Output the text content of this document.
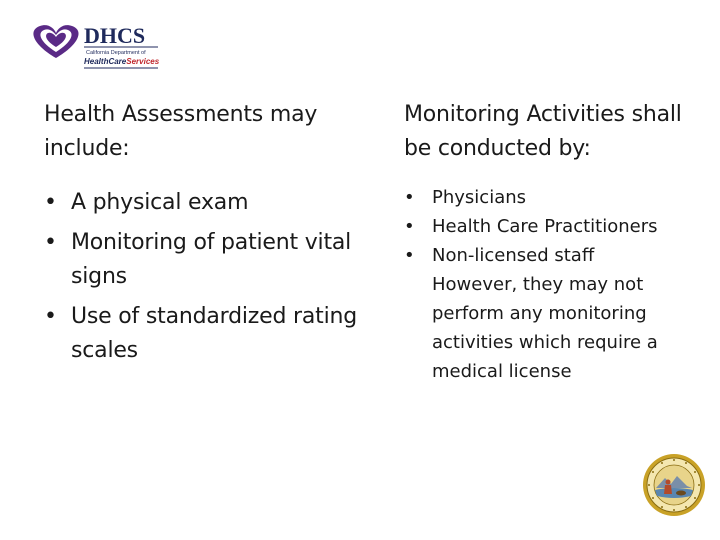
DHCS
California Department of
HealthCareServices
Health Assessments may include:
• A physical exam
• Monitoring of patient vital signs
• Use of standardized rating scales
Monitoring Activities shall be conducted by:
• Physicians
• Health Care Practitioners
• Non-licensed staff
However, they may not perform any monitoring activities which require a medical license
